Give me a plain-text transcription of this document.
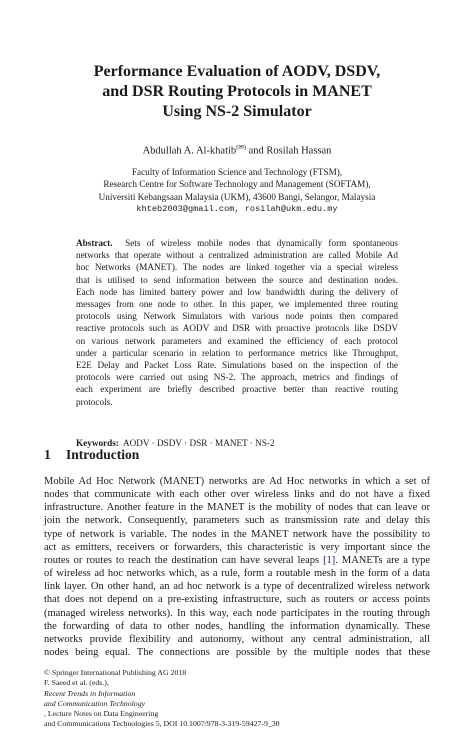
Performance Evaluation of AODV, DSDV,
and DSR Routing Protocols in MANET
Using NS-2 Simulator
Abdullah A. Al-khatib(✉) and Rosilah Hassan
Faculty of Information Science and Technology (FTSM),
Research Centre for Software Technology and Management (SOFTAM),
Universiti Kebangsaan Malaysia (UKM), 43600 Bangi, Selangor, Malaysia
khteb2003@gmail.com, rosilah@ukm.edu.my
Abstract. Sets of wireless mobile nodes that dynamically form spontaneous
networks that operate without a centralized administration are called Mobile Ad
hoc Networks (MANET). The nodes are linked together via a special wireless
that is utilised to send information between the source and destination nodes.
Each node has limited battery power and low bandwidth during the delivery of
messages from one node to other. In this paper, we implemented three routing
protocols using Network Simulators with various node points then compared
reactive protocols such as AODV and DSR with proactive protocols like DSDV
on various network parameters and examined the efficiency of each protocol
under a particular scenario in relation to performance metrics like Throughput,
E2E Delay and Packet Loss Rate. Simulations based on the inspection of the
protocols were carried out using NS-2. The approach, metrics and findings of
each experiment are briefly described proactive better than reactive routing
protocols.
Keywords: AODV · DSDV · DSR · MANET · NS-2
1 Introduction
Mobile Ad Hoc Network (MANET) networks are Ad Hoc networks in which a set of
nodes that communicate with each other over wireless links and do not have a fixed
infrastructure. Another feature in the MANET is the mobility of nodes that can leave or
join the network. Consequently, parameters such as transmission rate and delay this
type of network is variable. The nodes in the MANET network have the possibility to
act as emitters, receivers or forwarders, this characteristic is very important since the
routes or routes to reach the destination can have several leaps [1]. MANETs are a type
of wireless ad hoc networks which, as a rule, form a routable mesh in the form of a data
link layer. On other hand, an ad hoc network is a type of decentralized wireless network
that does not depend on a pre-existing infrastructure, such as routers or access points
(managed wireless networks). In this way, each node participates in the routing through
the forwarding of data to other nodes, handling the information dynamically. These
networks provide flexibility and autonomy, without any central administration, all
nodes being equal. The connections are possible by the multiple nodes that these
© Springer International Publishing AG 2018
F. Saeed et al. (eds.),
Recent Trends in Information
and Communication Technology
, Lecture Notes on Data Engineering
and Communications Technologies 5, DOI 10.1007/978-3-319-59427-9_30
